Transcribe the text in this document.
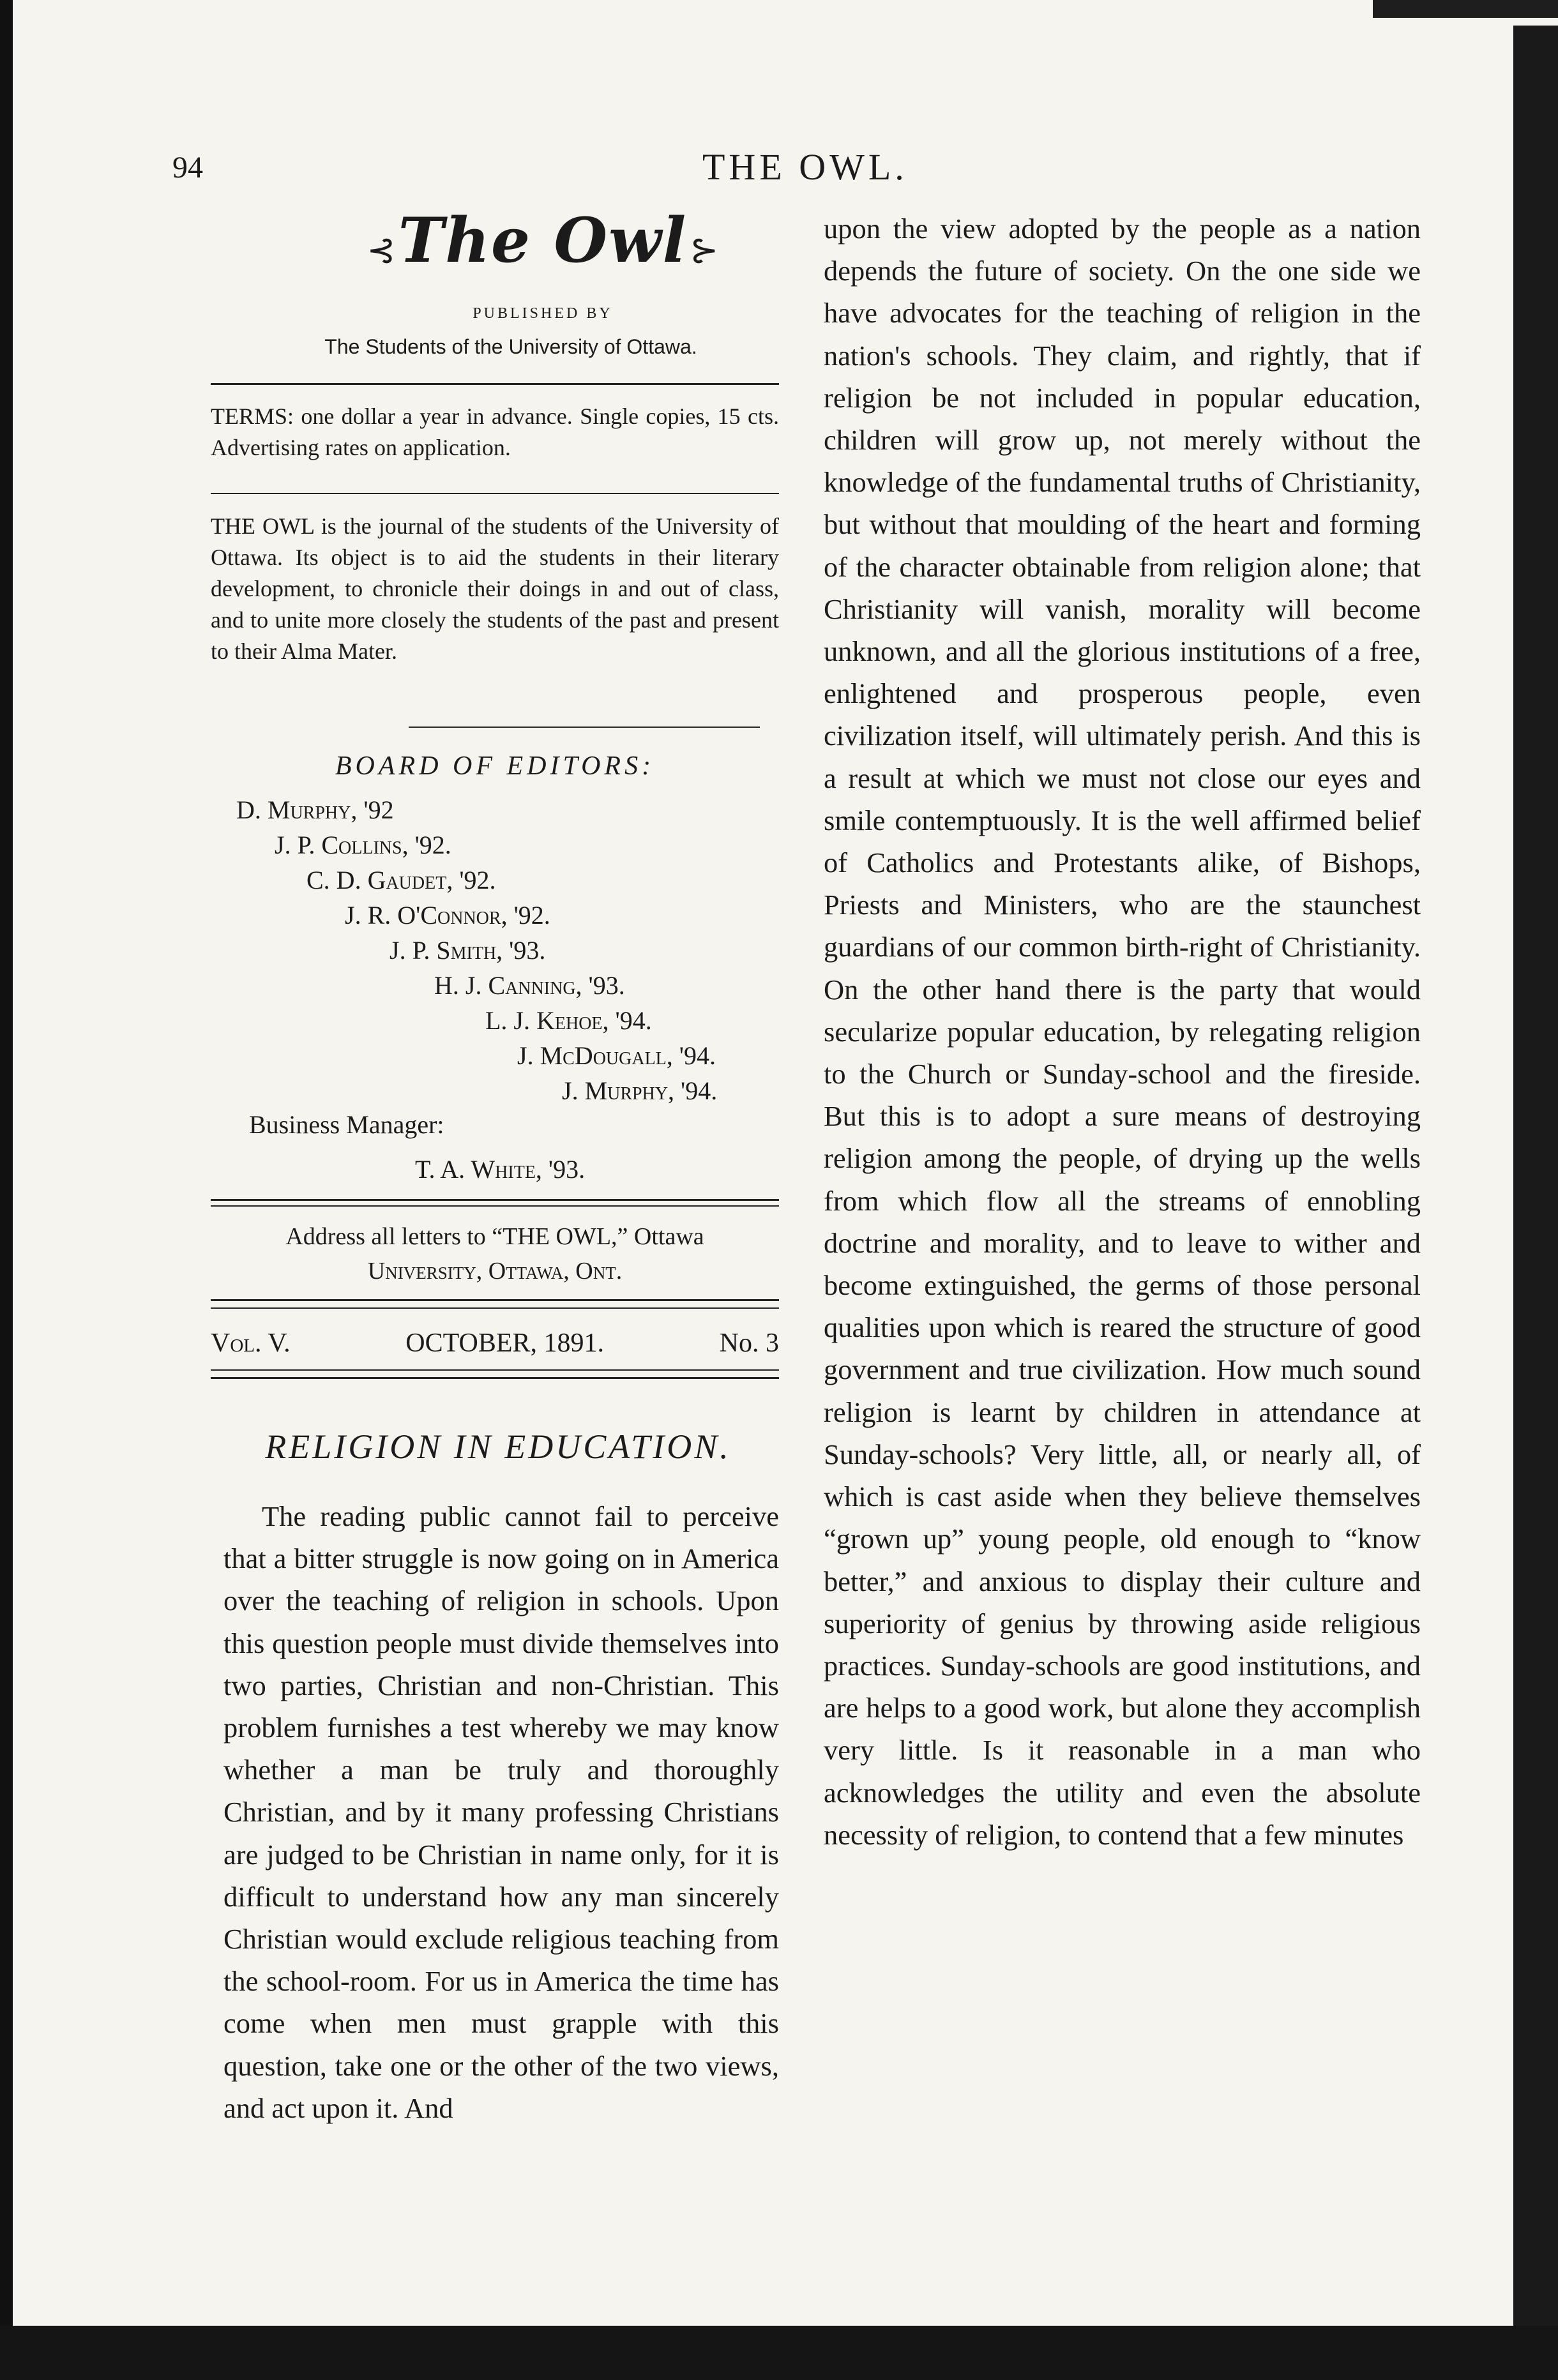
94	THE OWL.
⊰ The Owl ⊱
PUBLISHED BY
The Students of the University of Ottawa.
TERMS: one dollar a year in advance. Single copies, 15 cts. Advertising rates on application.
THE OWL is the journal of the students of the University of Ottawa. Its object is to aid the students in their literary development, to chronicle their doings in and out of class, and to unite more closely the students of the past and present to their Alma Mater.
BOARD OF EDITORS:
D. Murphy, '92
J. P. Collins, '92.
C. D. Gaudet, '92.
J. R. O'Connor, '92.
J. P. Smith, '93.
H. J. Canning, '93.
L. J. Kehoe, '94.
J. McDougall, '94.
J. Murphy, '94.
Business Manager:
T. A. White, '93.
Address all letters to “THE OWL,” Ottawa
University, Ottawa, Ont.
Vol. V.	OCTOBER, 1891.	No. 3
RELIGION IN EDUCATION.

The reading public cannot fail to perceive that a bitter struggle is now going on in America over the teaching of religion in schools. Upon this question people must divide themselves into two parties, Christian and non-Christian. This problem furnishes a test whereby we may know whether a man be truly and thoroughly Christian, and by it many professing Christians are judged to be Christian in name only, for it is difficult to understand how any man sincerely Christian would exclude religious teaching from the school-room. For us in America the time has come when men must grapple with this question, take one or the other of the two views, and act upon it. And

upon the view adopted by the people as a nation depends the future of society. On the one side we have advocates for the teaching of religion in the nation's schools. They claim, and rightly, that if religion be not included in popular education, children will grow up, not merely without the knowledge of the fundamental truths of Christianity, but without that moulding of the heart and forming of the character obtainable from religion alone; that Christianity will vanish, morality will become unknown, and all the glorious institutions of a free, enlightened and prosperous people, even civilization itself, will ultimately perish. And this is a result at which we must not close our eyes and smile contemptuously. It is the well affirmed belief of Catholics and Protestants alike, of Bishops, Priests and Ministers, who are the staunchest guardians of our common birth-right of Christianity. On the other hand there is the party that would secularize popular education, by relegating religion to the Church or Sunday-school and the fireside. But this is to adopt a sure means of destroying religion among the people, of drying up the wells from which flow all the streams of ennobling doctrine and morality, and to leave to wither and become extinguished, the germs of those personal qualities upon which is reared the structure of good government and true civilization. How much sound religion is learnt by children in attendance at Sunday-schools? Very little, all, or nearly all, of which is cast aside when they believe themselves “grown up” young people, old enough to “know better,” and anxious to display their culture and superiority of genius by throwing aside religious practices. Sunday-schools are good institutions, and are helps to a good work, but alone they accomplish very little. Is it reasonable in a man who acknowledges the utility and even the absolute necessity of religion, to contend that a few minutes
